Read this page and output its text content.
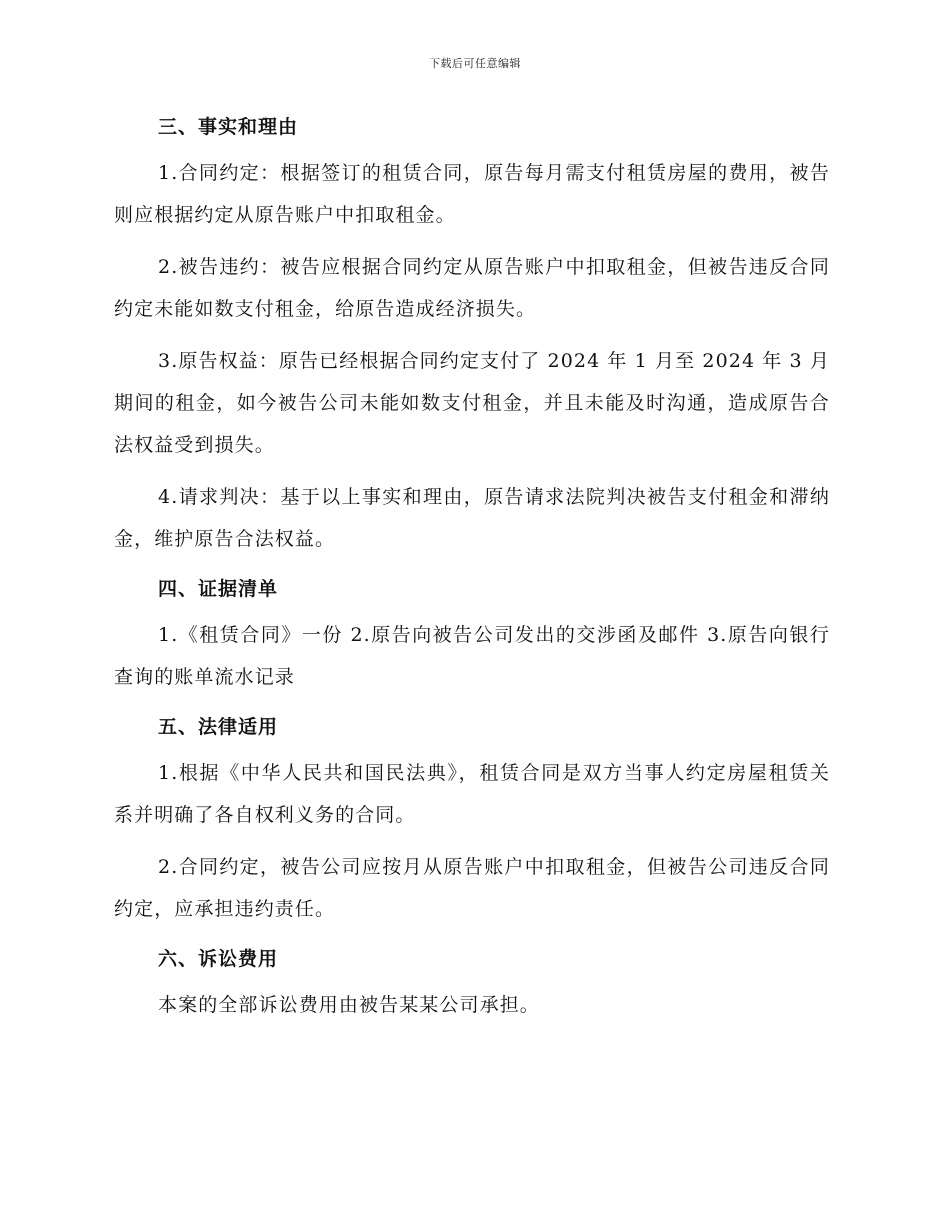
下载后可任意编辑
三、事实和理由

1.合同约定：根据签订的租赁合同，原告每月需支付租赁房屋的费用，被告则应根据约定从原告账户中扣取租金。

2.被告违约：被告应根据合同约定从原告账户中扣取租金，但被告违反合同约定未能如数支付租金，给原告造成经济损失。

3.原告权益：原告已经根据合同约定支付了 2024 年 1 月至 2024 年 3 月期间的租金，如今被告公司未能如数支付租金，并且未能及时沟通，造成原告合法权益受到损失。

4.请求判决：基于以上事实和理由，原告请求法院判决被告支付租金和滞纳金，维护原告合法权益。

四、证据清单

1.《租赁合同》一份 2.原告向被告公司发出的交涉函及邮件 3.原告向银行查询的账单流水记录

五、法律适用

1.根据《中华人民共和国民法典》，租赁合同是双方当事人约定房屋租赁关系并明确了各自权利义务的合同。

2.合同约定，被告公司应按月从原告账户中扣取租金，但被告公司违反合同约定，应承担违约责任。

六、诉讼费用

本案的全部诉讼费用由被告某某公司承担。
